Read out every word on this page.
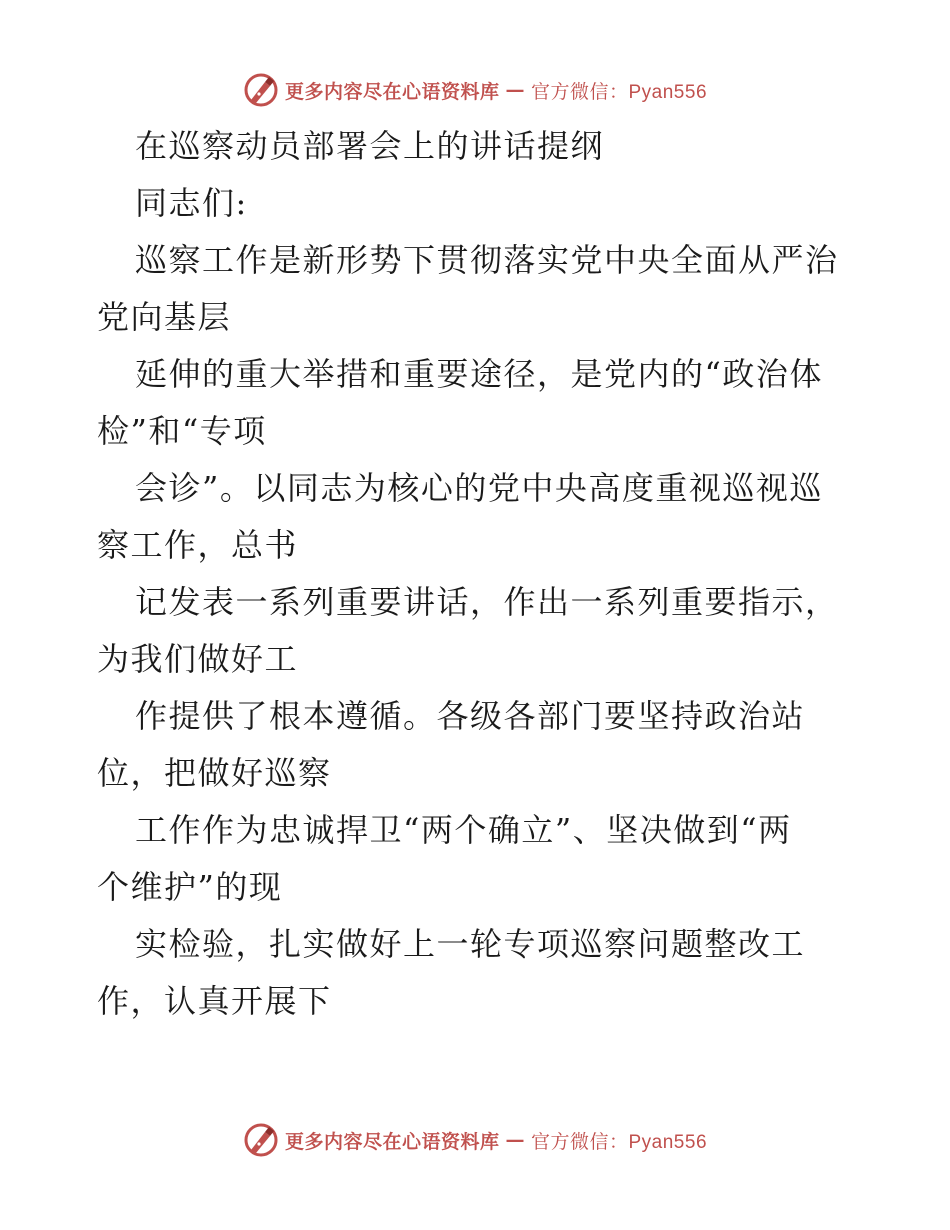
更多内容尽在心语资料库 — 官方微信：Pyan556
在巡察动员部署会上的讲话提纲
同志们:
巡察工作是新形势下贯彻落实党中央全面从严治
党向基层
延伸的重大举措和重要途径，是党内的“政治体
检”和“专项
会诊”。以同志为核心的党中央高度重视巡视巡
察工作，总书
记发表一系列重要讲话，作出一系列重要指示，
为我们做好工
作提供了根本遵循。各级各部门要坚持政治站
位，把做好巡察
工作作为忠诚捍卫“两个确立”、坚决做到“两
个维护”的现
实检验，扎实做好上一轮专项巡察问题整改工
作，认真开展下
更多内容尽在心语资料库 — 官方微信：Pyan556
